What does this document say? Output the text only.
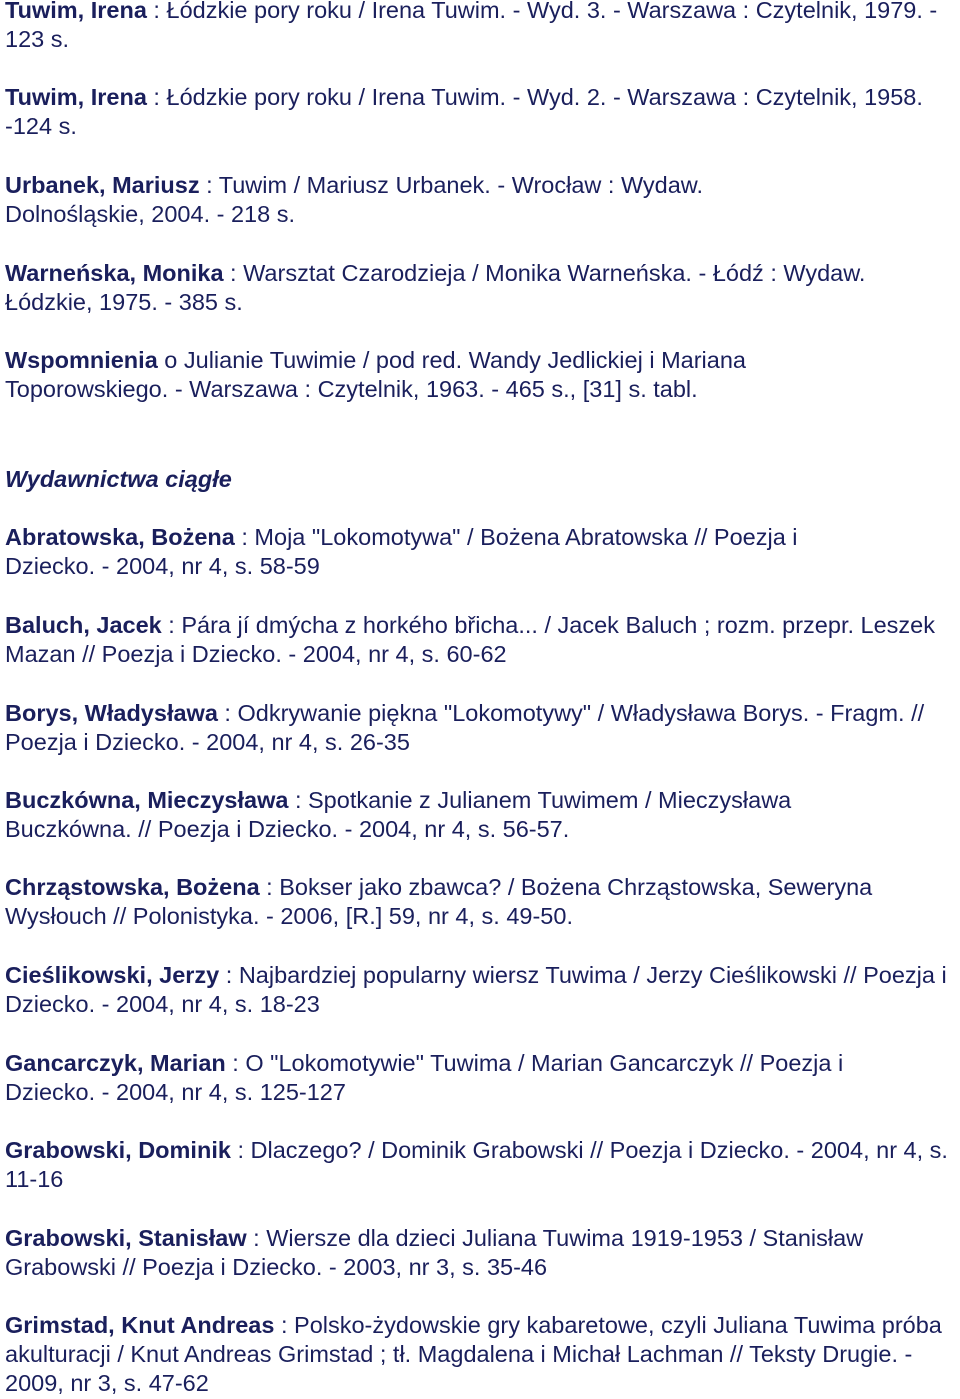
Tuwim, Irena : Łódzkie pory roku / Irena Tuwim. - Wyd. 3. - Warszawa : Czytelnik, 1979. - 123 s.

Tuwim, Irena : Łódzkie pory roku / Irena Tuwim. - Wyd. 2. - Warszawa : Czytelnik, 1958. -124 s.

Urbanek, Mariusz : Tuwim / Mariusz Urbanek. - Wrocław : Wydaw. Dolnośląskie, 2004. - 218 s.

Warneńska, Monika : Warsztat Czarodzieja / Monika Warneńska. - Łódź : Wydaw. Łódzkie, 1975. - 385 s.

Wspomnienia o Julianie Tuwimie / pod red. Wandy Jedlickiej i Mariana Toporowskiego. - Warszawa : Czytelnik, 1963. - 465 s., [31] s. tabl.

Wydawnictwa ciągłe

Abratowska, Bożena : Moja "Lokomotywa" / Bożena Abratowska // Poezja i Dziecko. - 2004, nr 4, s. 58-59

Baluch, Jacek : Pára jí dmýcha z horkého břicha... / Jacek Baluch ; rozm. przepr. Leszek Mazan // Poezja i Dziecko. - 2004, nr 4, s. 60-62

Borys, Władysława : Odkrywanie piękna "Lokomotywy" / Władysława Borys. - Fragm. // Poezja i Dziecko. - 2004, nr 4, s. 26-35

Buczkówna, Mieczysława : Spotkanie z Julianem Tuwimem / Mieczysława Buczkówna. // Poezja i Dziecko. - 2004, nr 4, s. 56-57.

Chrząstowska, Bożena : Bokser jako zbawca? / Bożena Chrząstowska, Seweryna Wysłouch // Polonistyka. - 2006, [R.] 59, nr 4, s. 49-50.

Cieślikowski, Jerzy : Najbardziej popularny wiersz Tuwima / Jerzy Cieślikowski // Poezja i Dziecko. - 2004, nr 4, s. 18-23

Gancarczyk, Marian : O "Lokomotywie" Tuwima / Marian Gancarczyk // Poezja i Dziecko. - 2004, nr 4, s. 125-127

Grabowski, Dominik : Dlaczego? / Dominik Grabowski // Poezja i Dziecko. - 2004, nr 4, s. 11-16

Grabowski, Stanisław : Wiersze dla dzieci Juliana Tuwima 1919-1953 / Stanisław Grabowski // Poezja i Dziecko. - 2003, nr 3, s. 35-46

Grimstad, Knut Andreas : Polsko-żydowskie gry kabaretowe, czyli Juliana Tuwima próba akulturacji / Knut Andreas Grimstad ; tł. Magdalena i Michał Lachman // Teksty Drugie. - 2009, nr 3, s. 47-62
